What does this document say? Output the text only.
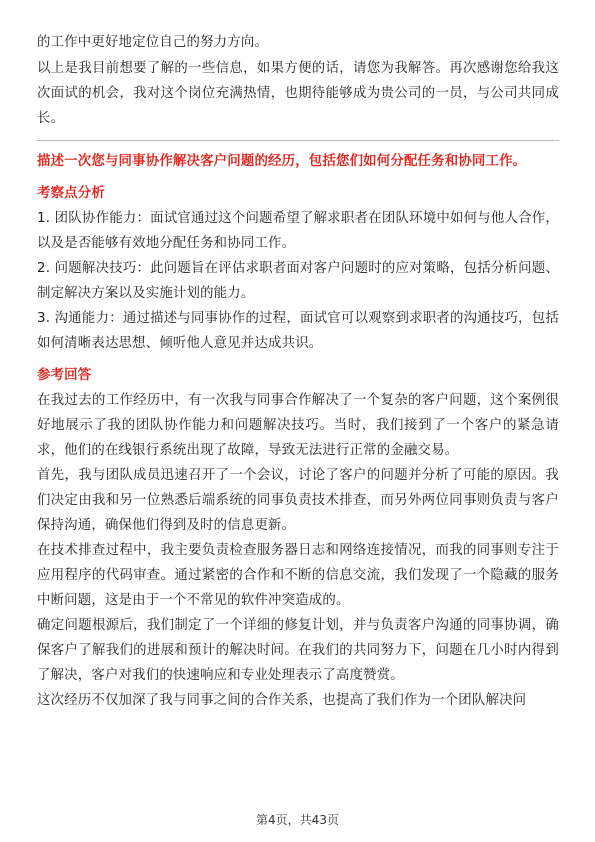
的工作中更好地定位自己的努力方向。

以上是我目前想要了解的一些信息，如果方便的话，请您为我解答。再次感谢您给我这次面试的机会，我对这个岗位充满热情，也期待能够成为贵公司的一员，与公司共同成长。

描述一次您与同事协作解决客户问题的经历，包括您们如何分配任务和协同工作。

考察点分析

1. 团队协作能力：面试官通过这个问题希望了解求职者在团队环境中如何与他人合作，以及是否能够有效地分配任务和协同工作。

2. 问题解决技巧：此问题旨在评估求职者面对客户问题时的应对策略，包括分析问题、制定解决方案以及实施计划的能力。

3. 沟通能力：通过描述与同事协作的过程，面试官可以观察到求职者的沟通技巧，包括如何清晰表达思想、倾听他人意见并达成共识。

参考回答

在我过去的工作经历中，有一次我与同事合作解决了一个复杂的客户问题，这个案例很好地展示了我的团队协作能力和问题解决技巧。当时，我们接到了一个客户的紧急请求，他们的在线银行系统出现了故障，导致无法进行正常的金融交易。

首先，我与团队成员迅速召开了一个会议，讨论了客户的问题并分析了可能的原因。我们决定由我和另一位熟悉后端系统的同事负责技术排查，而另外两位同事则负责与客户保持沟通，确保他们得到及时的信息更新。

在技术排查过程中，我主要负责检查服务器日志和网络连接情况，而我的同事则专注于应用程序的代码审查。通过紧密的合作和不断的信息交流，我们发现了一个隐藏的服务中断问题，这是由于一个不常见的软件冲突造成的。

确定问题根源后，我们制定了一个详细的修复计划，并与负责客户沟通的同事协调，确保客户了解我们的进展和预计的解决时间。在我们的共同努力下，问题在几小时内得到了解决，客户对我们的快速响应和专业处理表示了高度赞赏。

这次经历不仅加深了我与同事之间的合作关系，也提高了我们作为一个团队解决问

第4页，共43页
